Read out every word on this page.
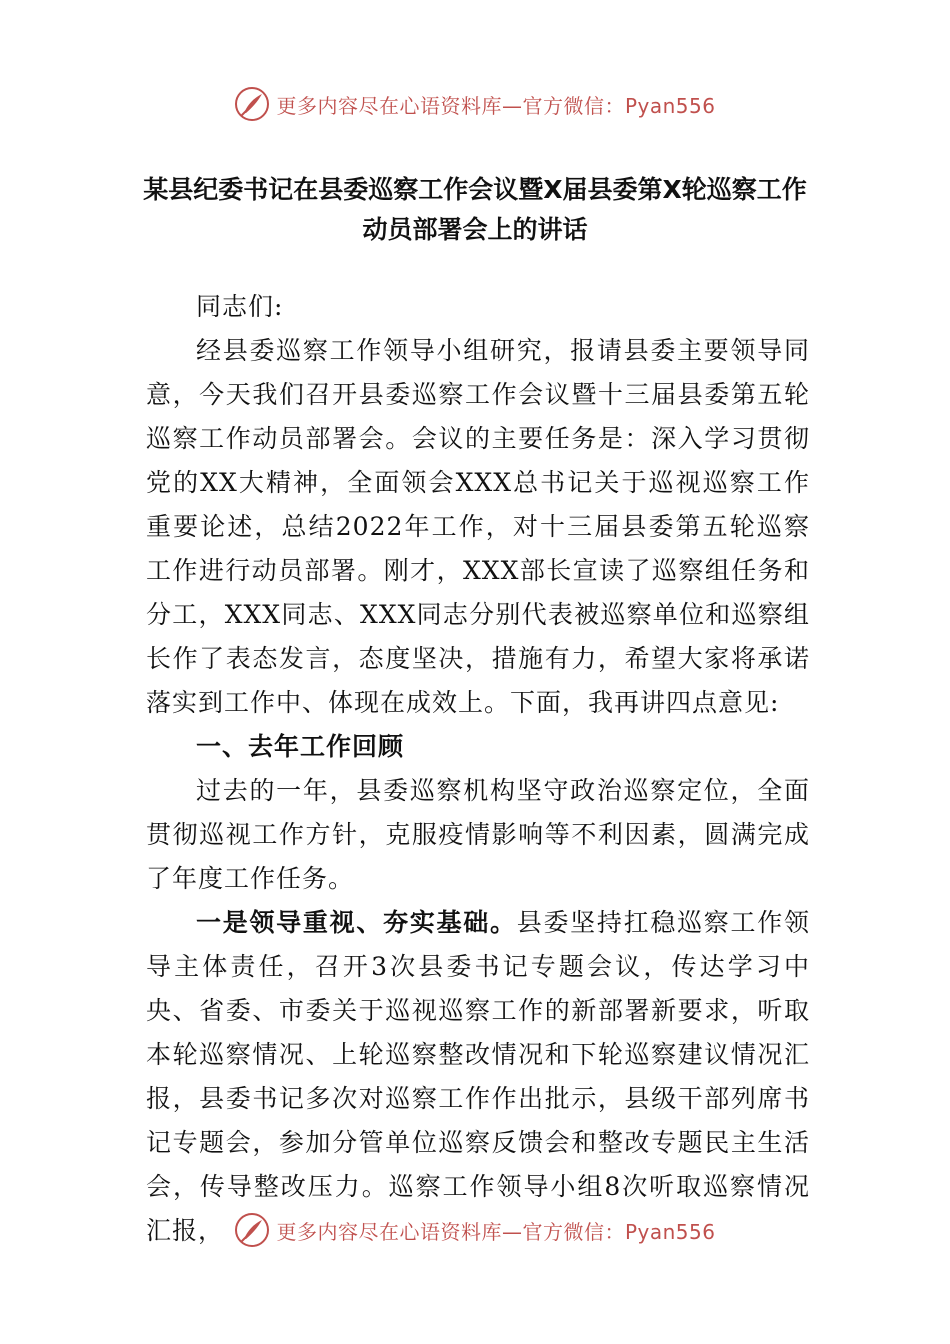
更多内容尽在心语资料库—官方微信：Pyan556
某县纪委书记在县委巡察工作会议暨X届县委第X轮巡察工作动员部署会上的讲话

同志们:

经县委巡察工作领导小组研究，报请县委主要领导同意，今天我们召开县委巡察工作会议暨十三届县委第五轮巡察工作动员部署会。会议的主要任务是：深入学习贯彻党的XX大精神，全面领会XXX总书记关于巡视巡察工作重要论述，总结2022年工作，对十三届县委第五轮巡察工作进行动员部署。刚才，XXX部长宣读了巡察组任务和分工，XXX同志、XXX同志分别代表被巡察单位和巡察组长作了表态发言，态度坚决，措施有力，希望大家将承诺落实到工作中、体现在成效上。下面，我再讲四点意见:

一、去年工作回顾

过去的一年，县委巡察机构坚守政治巡察定位，全面贯彻巡视工作方针，克服疫情影响等不利因素，圆满完成了年度工作任务。

一是领导重视、夯实基础。县委坚持扛稳巡察工作领导主体责任，召开3次县委书记专题会议，传达学习中央、省委、市委关于巡视巡察工作的新部署新要求，听取本轮巡察情况、上轮巡察整改情况和下轮巡察建议情况汇报，县委书记多次对巡察工作作出批示，县级干部列席书记专题会，参加分管单位巡察反馈会和整改专题民主生活会，传导整改压力。巡察工作领导小组8次听取巡察情况汇报，	更多内容尽在心语资料库—官方微信：Pyan556
